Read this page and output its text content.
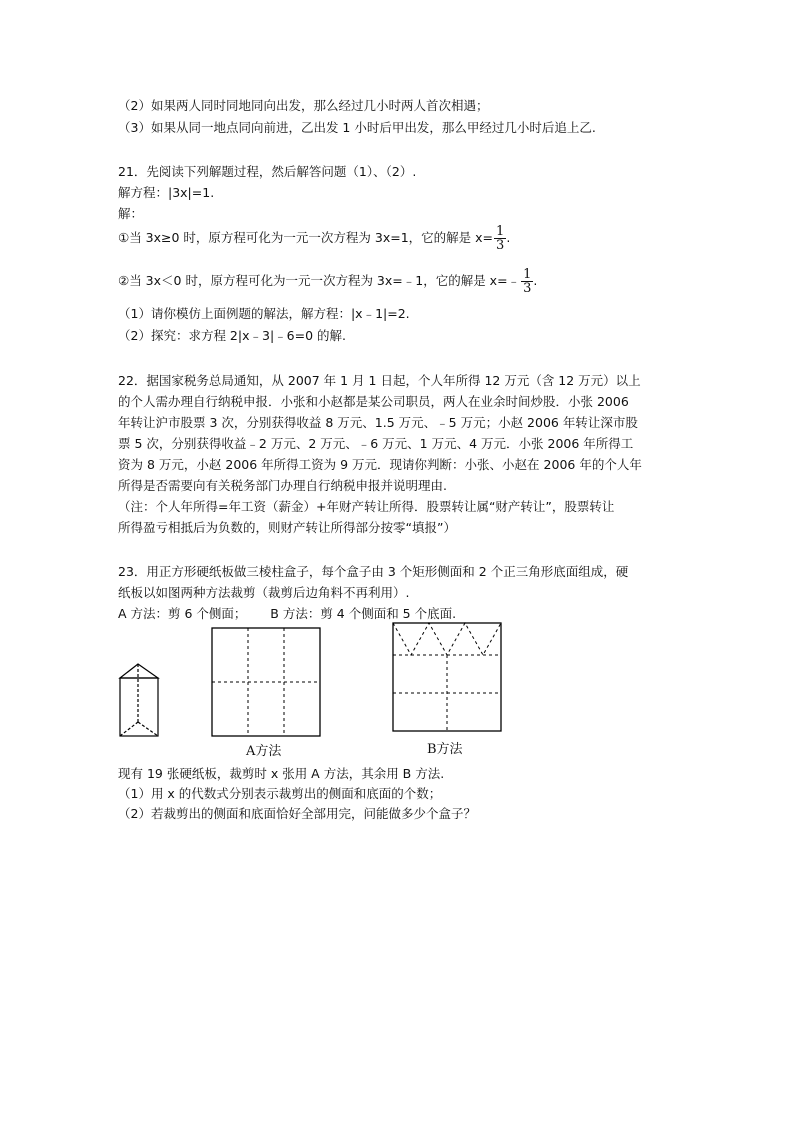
（2）如果两人同时同地同向出发，那么经过几小时两人首次相遇；
（3）如果从同一地点同向前进，乙出发 1 小时后甲出发，那么甲经过几小时后追上乙.
21．先阅读下列解题过程，然后解答问题（1）、（2）.
解方程：|3x|=1.
解：
①当 3x≥0 时，原方程可化为一元一次方程为 3x=1，它的解是 $x= \frac{1}{3}$ .
②当 3x＜0 时，原方程可化为一元一次方程为 3x=﹣1，它的解是 x=﹣ $\frac{1}{3}$ .
（1）请你模仿上面例题的解法，解方程：|x﹣1|=2.
（2）探究：求方程 2|x﹣3|﹣6=0 的解.
22．据国家税务总局通知，从 2007 年 1 月 1 日起，个人年所得 12 万元（含 12 万元）以上
的个人需办理自行纳税申报．小张和小赵都是某公司职员，两人在业余时间炒股．小张 2006
年转让沪市股票 3 次，分别获得收益 8 万元、1.5 万元、﹣5 万元；小赵 2006 年转让深市股
票 5 次，分别获得收益﹣2 万元、2 万元、﹣6 万元、1 万元、4 万元．小张 2006 年所得工
资为 8 万元，小赵 2006 年所得工资为 9 万元．现请你判断：小张、小赵在 2006 年的个人年
所得是否需要向有关税务部门办理自行纳税申报并说明理由.
（注：个人年所得=年工资（薪金）+年财产转让所得．股票转让属“财产转让”，股票转让
所得盈亏相抵后为负数的，则财产转让所得部分按零“填报”）
23．用正方形硬纸板做三棱柱盒子，每个盒子由 3 个矩形侧面和 2 个正三角形底面组成，硬
纸板以如图两种方法裁剪（裁剪后边角料不再利用）.
A 方法：剪 6 个侧面；      B 方法：剪 4 个侧面和 5 个底面.
A方法	B方法
现有 19 张硬纸板，裁剪时 x 张用 A 方法，其余用 B 方法.
（1）用 x 的代数式分别表示裁剪出的侧面和底面的个数；
（2）若裁剪出的侧面和底面恰好全部用完，问能做多少个盒子？
